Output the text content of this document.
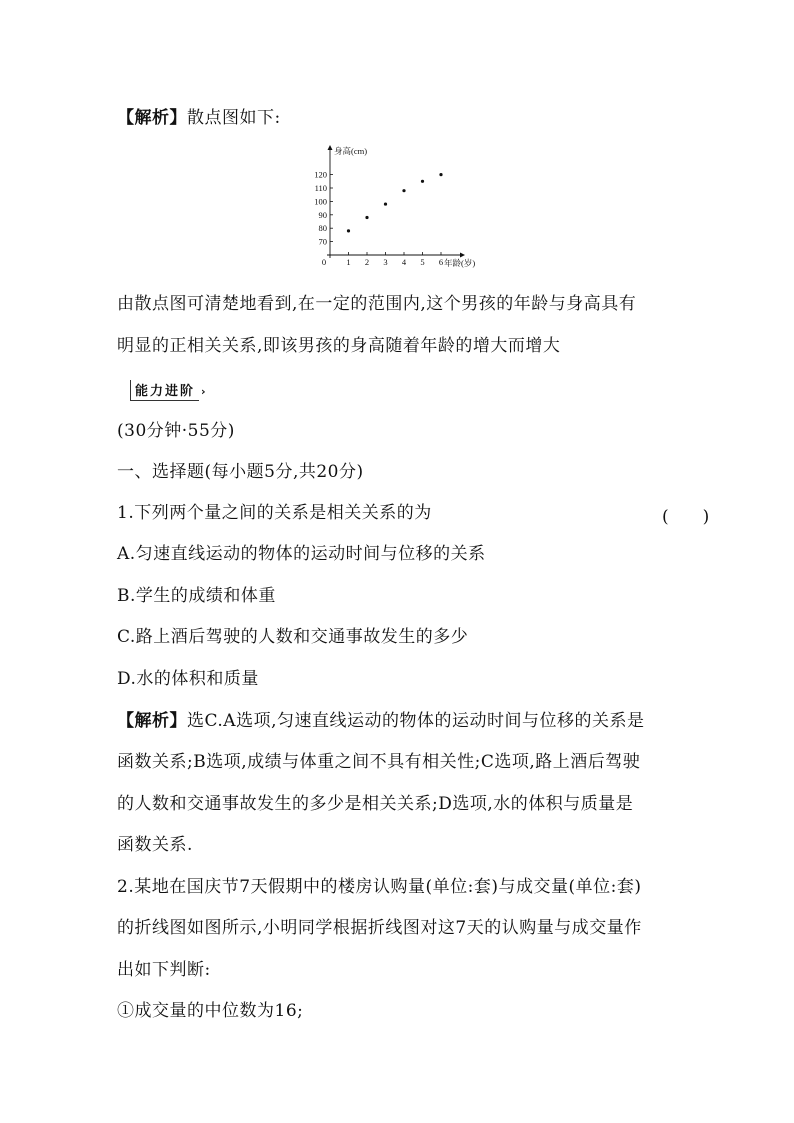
【解析】散点图如下:
身高(cm)
年龄(岁)
0 1 2 3 4 5 6
70
80
90
100
110
120
由散点图可清楚地看到,在一定的范围内,这个男孩的年龄与身高具有
明显的正相关关系,即该男孩的身高随着年龄的增大而增大
能力进阶 ›
(30分钟·55分)
一、选择题(每小题5分,共20分)
1.下列两个量之间的关系是相关关系的为	(　　)
A.匀速直线运动的物体的运动时间与位移的关系
B.学生的成绩和体重
C.路上酒后驾驶的人数和交通事故发生的多少
D.水的体积和质量
【解析】选C.A选项,匀速直线运动的物体的运动时间与位移的关系是
函数关系;B选项,成绩与体重之间不具有相关性;C选项,路上酒后驾驶
的人数和交通事故发生的多少是相关关系;D选项,水的体积与质量是
函数关系.
2.某地在国庆节7天假期中的楼房认购量(单位:套)与成交量(单位:套)
的折线图如图所示,小明同学根据折线图对这7天的认购量与成交量作
出如下判断:
①成交量的中位数为16;
